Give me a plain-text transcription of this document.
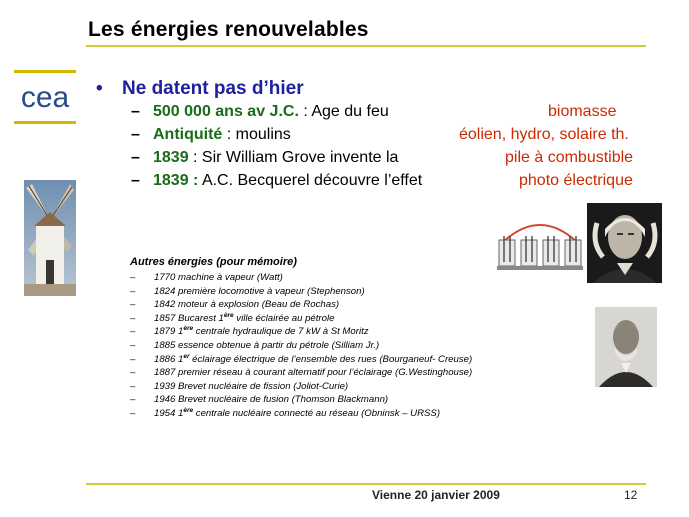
Les énergies renouvelables
cea • Ne datent pas d’hier
– 500 000 ans av J.C. : Age du feu	biomasse
– Antiquité : moulins	éolien, hydro, solaire th.
– 1839 : Sir William Grove invente la	pile à combustible
– 1839 : A.C. Becquerel découvre l’effet	photo électrique
Autres énergies (pour mémoire)
– 1770 machine à vapeur (Watt)
– 1824 première locomotive à vapeur (Stephenson)
– 1842 moteur à explosion (Beau de Rochas)
– 1857 Bucarest 1ère ville éclairée au pétrole
– 1879 1ère centrale hydraulique de 7 kW à St Moritz
– 1885 essence obtenue à partir du pétrole (Silliam Jr.)
– 1886 1er éclairage électrique de l’ensemble des rues (Bourganeuf- Creuse)
– 1887 premier réseau à courant alternatif pour l’éclairage (G.Westinghouse)
– 1939 Brevet nucléaire de fission (Joliot-Curie)
– 1946 Brevet nucléaire de fusion (Thomson Blackmann)
– 1954 1ère centrale nucléaire connecté au réseau (Obninsk – URSS)
Vienne 20 janvier 2009	12
